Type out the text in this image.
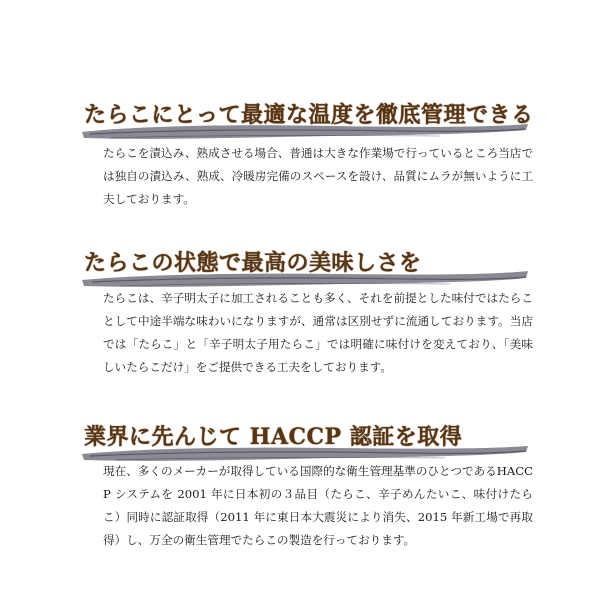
たらこにとって最適な温度を徹底管理できる

たらこを漬込み、熟成させる場合、普通は大きな作業場で行っているところ当店では独自の漬込み、熟成、冷暖房完備のスペースを設け、品質にムラが無いように工夫しております。

たらこの状態で最高の美味しさを

たらこは、辛子明太子に加工されることも多く、それを前提とした味付ではたらことして中途半端な味わいになりますが、通常は区別せずに流通しております。当店では「たらこ」と「辛子明太子用たらこ」では明確に味付けを変えており、「美味しいたらこだけ」をご提供できる工夫をしております。

業界に先んじて HACCP 認証を取得

現在、多くのメーカーが取得している国際的な衛生管理基準のひとつであるHACCP システムを 2001 年に日本初の３品目（たらこ、辛子めんたいこ、味付けたらこ）同時に認証取得（2011 年に東日本大震災により消失、2015 年新工場で再取得）し、万全の衛生管理でたらこの製造を行っております。
